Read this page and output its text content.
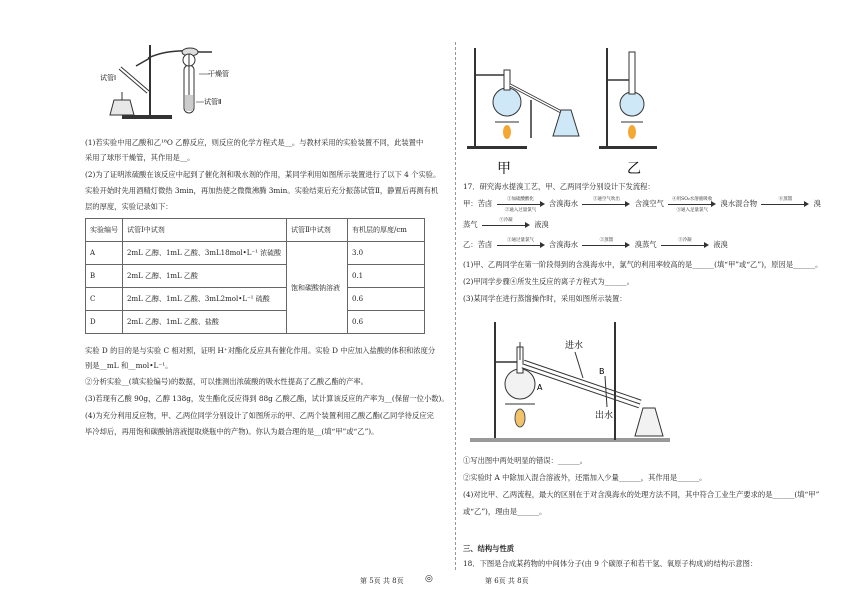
试管Ⅰ	干燥管
试管Ⅱ
(1)若实验中用乙酸和乙¹⁸O 乙醇反应，则反应的化学方程式是__。与教材采用的实验装置不同，此装置中
采用了球形干燥管，其作用是__。
(2)为了证明浓硫酸在该反应中起到了催化剂和吸水剂的作用，某同学利用如图所示装置进行了以下 4 个实验。
实验开始时先用酒精灯微热 3min，再加热使之微微沸腾 3min。实验结束后充分振荡试管Ⅱ，静置后再测有机
层的厚度，实验记录如下：
实验编号	试管Ⅰ中试剂	试管Ⅱ中试剂	有机层的厚度/cm
A	2mL 乙醇、1mL 乙酸、3mL18mol•L⁻¹ 浓硫酸	饱和碳酸钠溶液	3.0
B	2mL 乙醇、1mL 乙酸		0.1
C	2mL 乙醇、1mL 乙酸、3mL2mol•L⁻¹ 硫酸		0.6
D	2mL 乙醇、1mL 乙酸、盐酸		0.6
实验 D 的目的是与实验 C 相对照，证明 H⁺对酯化反应具有催化作用。实验 D 中应加入盐酸的体积和浓度分
别是__mL 和__mol•L⁻¹。
②分析实验__(填实验编号)的数据，可以推测出浓硫酸的吸水性提高了乙酸乙酯的产率。
(3)若现有乙酸 90g，乙醇 138g，发生酯化反应得到 88g 乙酸乙酯，试计算该反应的产率为__(保留一位小数)。
(4)为充分利用反应物，甲、乙两位同学分别设计了如图所示的甲、乙两个装置利用乙酸乙酯(乙同学待反应完
毕冷却后，再用饱和碳酸钠溶液提取烧瓶中的产物)。你认为最合理的是__(填“甲”或“乙”)。
第 5页 共 8页
甲	乙
17．研究海水提溴工艺，甲、乙两同学分别设计下发流程：
甲：苦卤	①加硫酸酸化
②通入过量氯气
含溴海水	③通空气吹出	含溴空气	④用SO₂水溶液吸收
⑤通入足量氯气
溴水混合物	⑥蒸馏	溴
蒸气	⑦冷凝	液溴
乙：苦卤	①通过量氯气	含溴海水	②蒸馏	溴蒸气	③冷凝	液溴
(1)甲、乙两同学在第一阶段得到的含溴海水中，氯气的利用率较高的是______(填“甲”或“乙”)，原因是______。
(2)甲同学步骤④所发生反应的离子方程式为______。
(3)某同学在进行蒸馏操作时，采用如图所示装置：
进水
出水
A
B
①写出图中两处明显的错误：______。
②实验时 A 中除加入混合溶液外，还需加入少量______，其作用是______。
(4)对比甲、乙两流程，最大的区别在于对含溴海水的处理方法不同，其中符合工业生产要求的是______(填“甲”
或“乙”)，理由是______。
三、结构与性质
18．下图是合成某药物的中间体分子(由 9 个碳原子和若干氢、氧原子构成)的结构示意图：
第 6页 共 8页
◎
